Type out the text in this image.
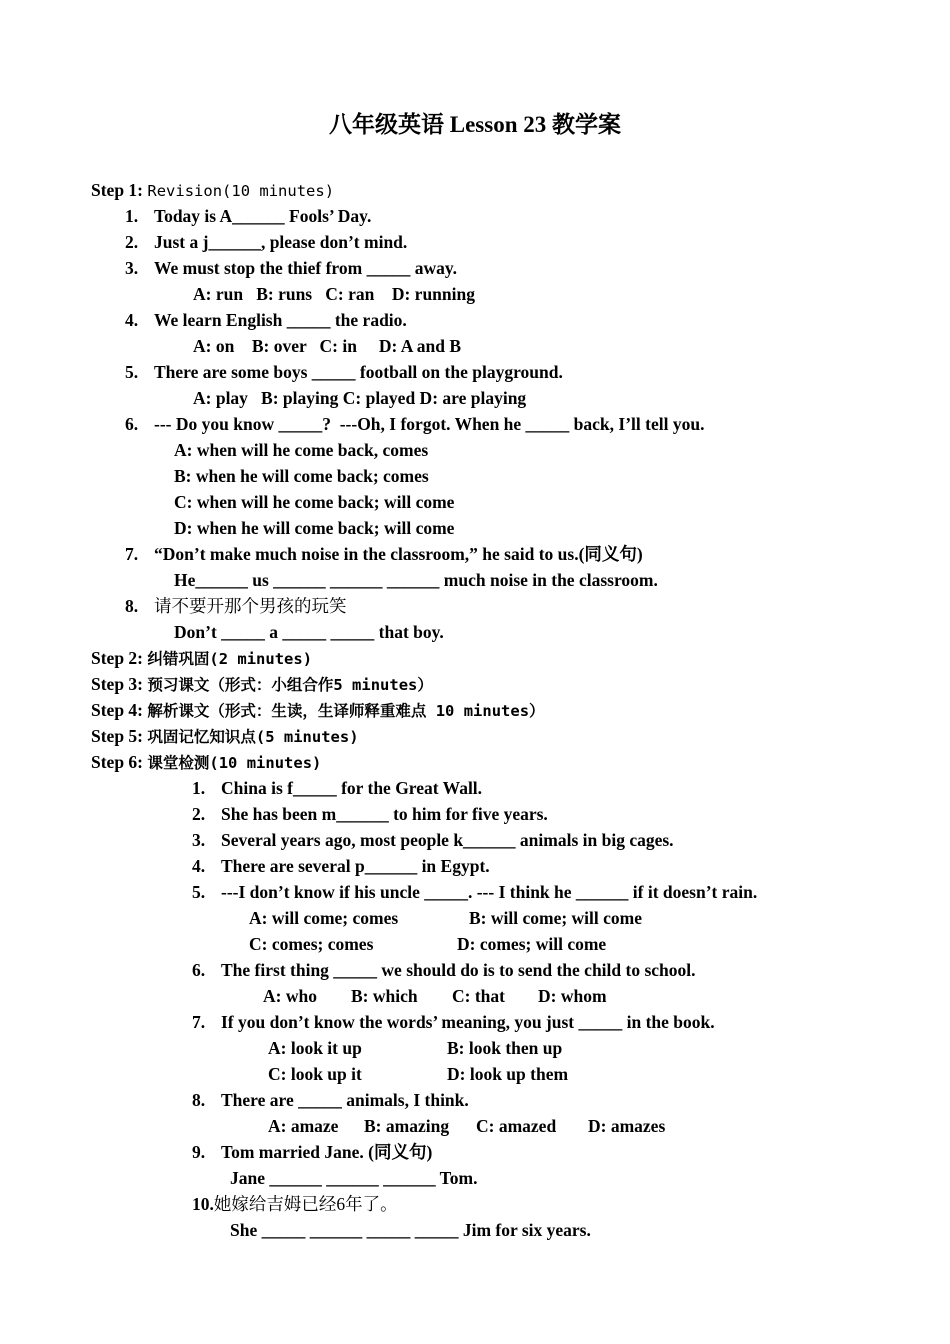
八年级英语 Lesson 23 教学案
Step 1: Revision(10 minutes)
1. Today is A______ Fools’ Day.
2. Just a j______, please don’t mind.
3. We must stop the thief from _____ away.
A: run   B: runs   C: ran    D: running
4. We learn English _____ the radio.
A: on    B: over   C: in     D: A and B
5. There are some boys _____ football on the playground.
A: play   B: playing C: played D: are playing
6. --- Do you know _____?  ---Oh, I forgot. When he _____ back, I’ll tell you.
A: when will he come back, comes
B: when he will come back; comes
C: when will he come back; will come
D: when he will come back; will come
7. “Don’t make much noise in the classroom,” he said to us.(同义句)
He______ us ______ ______ ______ much noise in the classroom.
8. 请不要开那个男孩的玩笑
Don’t _____ a _____ _____ that boy.
Step 2: 纠错巩固(2 minutes)
Step 3: 预习课文（形式：小组合作5 minutes）
Step 4: 解析课文（形式：生读，生译师释重难点 10 minutes）
Step 5: 巩固记忆知识点(5 minutes)
Step 6: 课堂检测(10 minutes)
1. China is f_____ for the Great Wall.
2. She has been m______ to him for five years.
3. Several years ago, most people k______ animals in big cages.
4. There are several p______ in Egypt.
5. ---I don’t know if his uncle _____. --- I think he ______ if it doesn’t rain.
A: will come; comes	B: will come; will come
C: comes; comes	D: comes; will come
6. The first thing _____ we should do is to send the child to school.
A: who B: which C: that D: whom
7. If you don’t know the words’ meaning, you just _____ in the book.
A: look it up	B: look then up
C: look up it	D: look up them
8. There are _____ animals, I think.
A: amaze B: amazing C: amazed D: amazes
9. Tom married Jane. (同义句)
Jane ______ ______ ______ Tom.
10.她嫁给吉姆已经6年了。
She _____ ______ _____ _____ Jim for six years.
